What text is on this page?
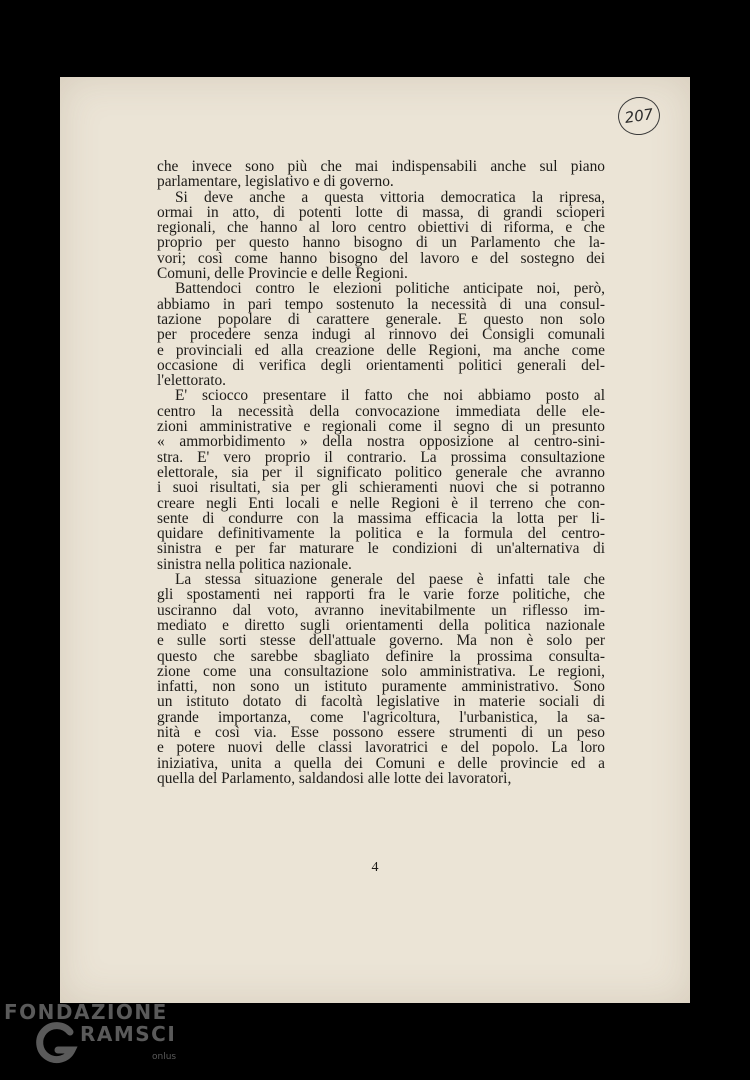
207
che invece sono più che mai indispensabili anche sul piano
parlamentare, legislativo e di governo.
Si deve anche a questa vittoria democratica la ripresa,
ormai in atto, di potenti lotte di massa, di grandi scioperi
regionali, che hanno al loro centro obiettivi di riforma, e che
proprio per questo hanno bisogno di un Parlamento che la-
vori; così come hanno bisogno del lavoro e del sostegno dei
Comuni, delle Provincie e delle Regioni.
Battendoci contro le elezioni politiche anticipate noi, però,
abbiamo in pari tempo sostenuto la necessità di una consul-
tazione popolare di carattere generale. E questo non solo
per procedere senza indugi al rinnovo dei Consigli comunali
e provinciali ed alla creazione delle Regioni, ma anche come
occasione di verifica degli orientamenti politici generali del-
l'elettorato.
E' sciocco presentare il fatto che noi abbiamo posto al
centro la necessità della convocazione immediata delle ele-
zioni amministrative e regionali come il segno di un presunto
« ammorbidimento » della nostra opposizione al centro-sini-
stra. E' vero proprio il contrario. La prossima consultazione
elettorale, sia per il significato politico generale che avranno
i suoi risultati, sia per gli schieramenti nuovi che si potranno
creare negli Enti locali e nelle Regioni è il terreno che con-
sente di condurre con la massima efficacia la lotta per li-
quidare definitivamente la politica e la formula del centro-
sinistra e per far maturare le condizioni di un'alternativa di
sinistra nella politica nazionale.
La stessa situazione generale del paese è infatti tale che
gli spostamenti nei rapporti fra le varie forze politiche, che
usciranno dal voto, avranno inevitabilmente un riflesso im-
mediato e diretto sugli orientamenti della politica nazionale
e sulle sorti stesse dell'attuale governo. Ma non è solo per
questo che sarebbe sbagliato definire la prossima consulta-
zione come una consultazione solo amministrativa. Le regioni,
infatti, non sono un istituto puramente amministrativo. Sono
un istituto dotato di facoltà legislative in materie sociali di
grande importanza, come l'agricoltura, l'urbanistica, la sa-
nità e così via. Esse possono essere strumenti di un peso
e potere nuovi delle classi lavoratrici e del popolo. La loro
iniziativa, unita a quella dei Comuni e delle provincie ed a
quella del Parlamento, saldandosi alle lotte dei lavoratori,
4
FONDAZIONE
RAMSCI
onlus
